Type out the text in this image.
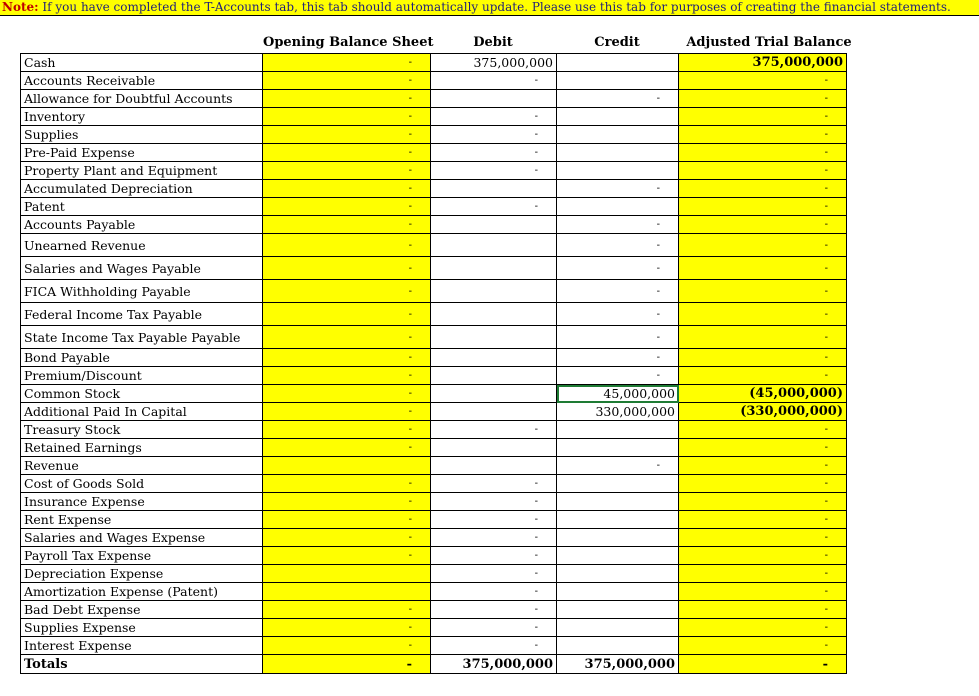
Note: If you have completed the T-Accounts tab, this tab should automatically update. Please use this tab for purposes of creating the financial statements.
Opening Balance Sheet	Debit	Credit	Adjusted Trial Balance
Cash	-	375,000,000		375,000,000
Accounts Receivable	-	-		-
Allowance for Doubtful Accounts	-		-	-
Inventory	-	-		-
Supplies	-	-		-
Pre-Paid Expense	-	-		-
Property Plant and Equipment	-	-		-
Accumulated Depreciation	-		-	-
Patent	-	-		-
Accounts Payable	-		-	-
Unearned Revenue	-		-	-
Salaries and Wages Payable	-		-	-
FICA Withholding Payable	-		-	-
Federal Income Tax Payable	-		-	-
State Income Tax Payable Payable	-		-	-
Bond Payable	-		-	-
Premium/Discount	-		-	-
Common Stock	-		45,000,000	(45,000,000)
Additional Paid In Capital	-		330,000,000	(330,000,000)
Treasury Stock	-	-		-
Retained Earnings	-			-
Revenue			-	-
Cost of Goods Sold	-	-		-
Insurance Expense	-	-		-
Rent Expense	-	-		-
Salaries and Wages Expense	-	-		-
Payroll Tax Expense	-	-		-
Depreciation Expense		-		-
Amortization Expense (Patent)		-		-
Bad Debt Expense	-	-		-
Supplies Expense	-	-		-
Interest Expense	-	-		-
Totals	-	375,000,000	375,000,000	-
